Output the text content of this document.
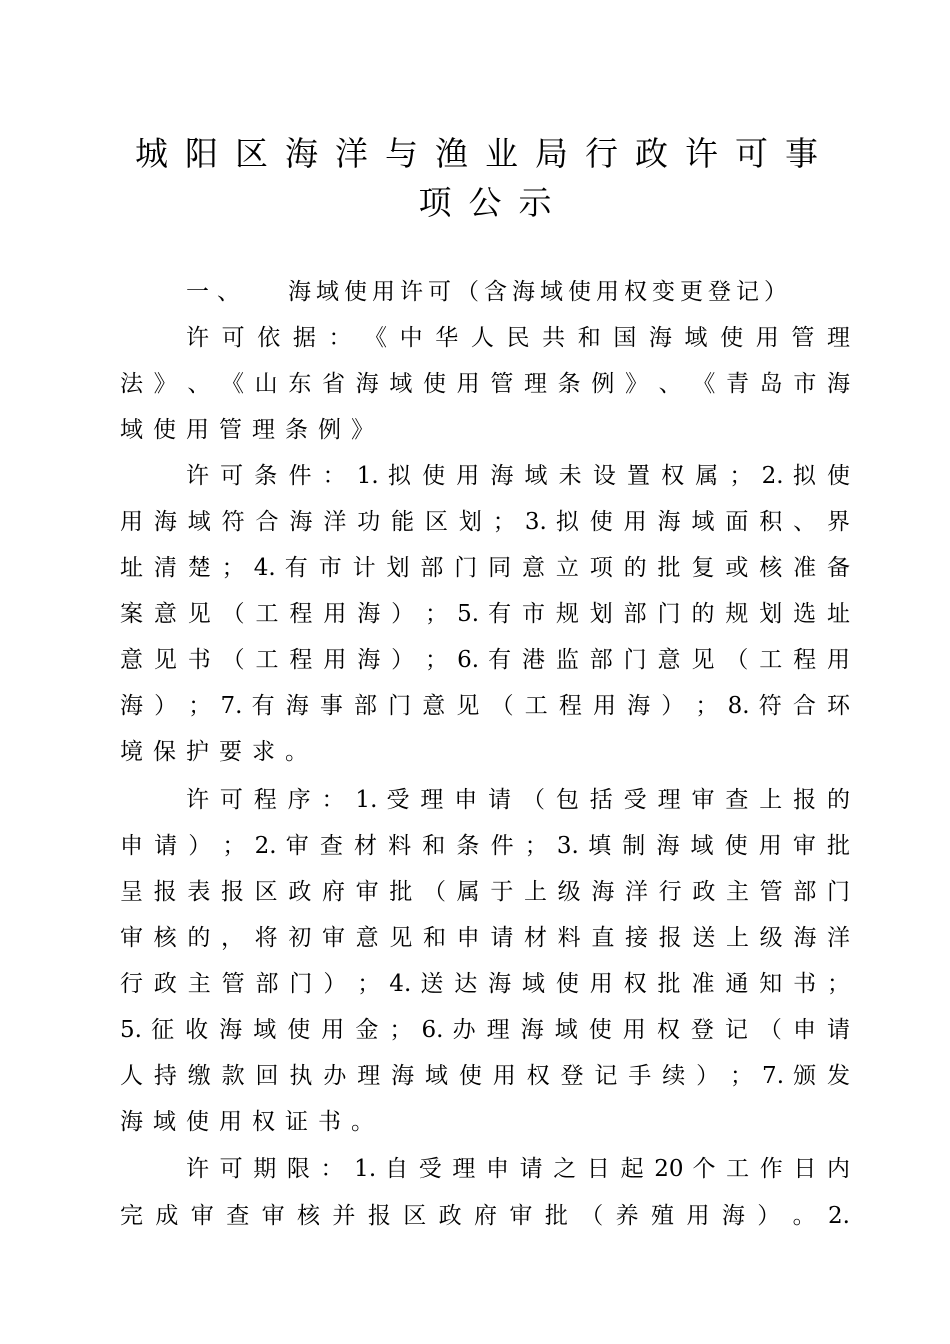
城阳区海洋与渔业局行政许可事
项公示
一、 海域使用许可（含海域使用权变更登记）
许 可 依 据 ： 《 中 华 人 民 共 和 国 海 域 使 用 管 理
法 》 、 《 山 东 省 海 域 使 用 管 理 条 例 》 、 《 青 岛 市 海
域使用管理条例》
许 可 条 件 ： 1. 拟 使 用 海 域 未 设 置 权 属 ； 2. 拟 使
用 海 域 符 合 海 洋 功 能 区 划 ； 3. 拟 使 用 海 域 面 积 、 界
址 清 楚 ； 4. 有 市 计 划 部 门 同 意 立 项 的 批 复 或 核 准 备
案 意 见 （ 工 程 用 海 ） ； 5. 有 市 规 划 部 门 的 规 划 选 址
意 见 书 （ 工 程 用 海 ） ； 6. 有 港 监 部 门 意 见 （ 工 程 用
海 ） ； 7. 有 海 事 部 门 意 见 （ 工 程 用 海 ） ； 8. 符 合 环
境保护要求。
许 可 程 序 ： 1. 受 理 申 请 （ 包 括 受 理 审 查 上 报 的
申 请 ） ； 2. 审 查 材 料 和 条 件 ； 3. 填 制 海 域 使 用 审 批
呈 报 表 报 区 政 府 审 批 （ 属 于 上 级 海 洋 行 政 主 管 部 门
审 核 的 ， 将 初 审 意 见 和 申 请 材 料 直 接 报 送 上 级 海 洋
行 政 主 管 部 门 ） ； 4. 送 达 海 域 使 用 权 批 准 通 知 书 ；
5. 征 收 海 域 使 用 金 ； 6. 办 理 海 域 使 用 权 登 记 （ 申 请
人 持 缴 款 回 执 办 理 海 域 使 用 权 登 记 手 续 ） ； 7. 颁 发
海域使用权证书。
许 可 期 限 ： 1. 自 受 理 申 请 之 日 起 20 个 工 作 日 内
完 成 审 查 审 核 并 报 区 政 府 审 批 （ 养 殖 用 海 ） 。 2.
